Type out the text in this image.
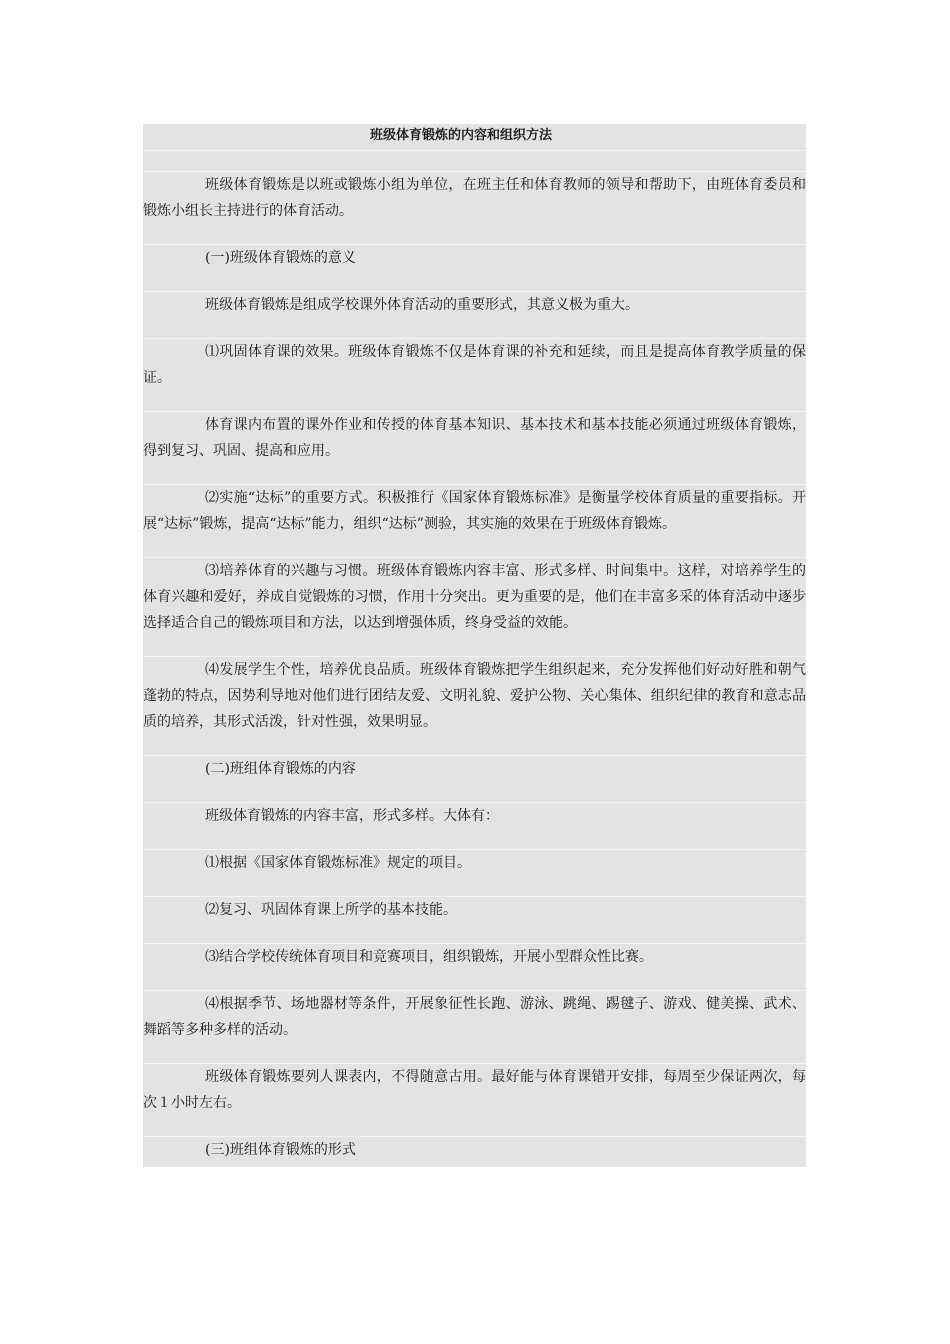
班级体育锻炼的内容和组织方法

班级体育锻炼是以班或锻炼小组为单位，在班主任和体育教师的领导和帮助下，由班体育委员和锻炼小组长主持进行的体育活动。

(一)班级体育锻炼的意义

班级体育锻炼是组成学校课外体育活动的重要形式，其意义极为重大。

⑴巩固体育课的效果。班级体育锻炼不仅是体育课的补充和延续，而且是提高体育教学质量的保证。

体育课内布置的课外作业和传授的体育基本知识、基本技术和基本技能必须通过班级体育锻炼，得到复习、巩固、提高和应用。

⑵实施“达标”的重要方式。积极推行《国家体育锻炼标准》是衡量学校体育质量的重要指标。开展“达标”锻炼，提高“达标”能力，组织“达标”测验，其实施的效果在于班级体育锻炼。

⑶培养体育的兴趣与习惯。班级体育锻炼内容丰富、形式多样、时间集中。这样，对培养学生的体育兴趣和爱好，养成自觉锻炼的习惯，作用十分突出。更为重要的是，他们在丰富多采的体育活动中逐步选择适合自己的锻炼项目和方法，以达到增强体质，终身受益的效能。

⑷发展学生个性，培养优良品质。班级体育锻炼把学生组织起来，充分发挥他们好动好胜和朝气蓬勃的特点，因势利导地对他们进行团结友爱、文明礼貌、爱护公物、关心集体、组织纪律的教育和意志品质的培养，其形式活泼，针对性强，效果明显。

(二)班组体育锻炼的内容

班级体育锻炼的内容丰富，形式多样。大体有：

⑴根据《国家体育锻炼标准》规定的项目。

⑵复习、巩固体育课上所学的基本技能。

⑶结合学校传统体育项目和竞赛项目，组织锻炼，开展小型群众性比赛。

⑷根据季节、场地器材等条件，开展象征性长跑、游泳、跳绳、踢毽子、游戏、健美操、武术、舞蹈等多种多样的活动。

班级体育锻炼要列人课表内，不得随意古用。最好能与体育课错开安排，每周至少保证两次，每次１小时左右。

(三)班组体育锻炼的形式
